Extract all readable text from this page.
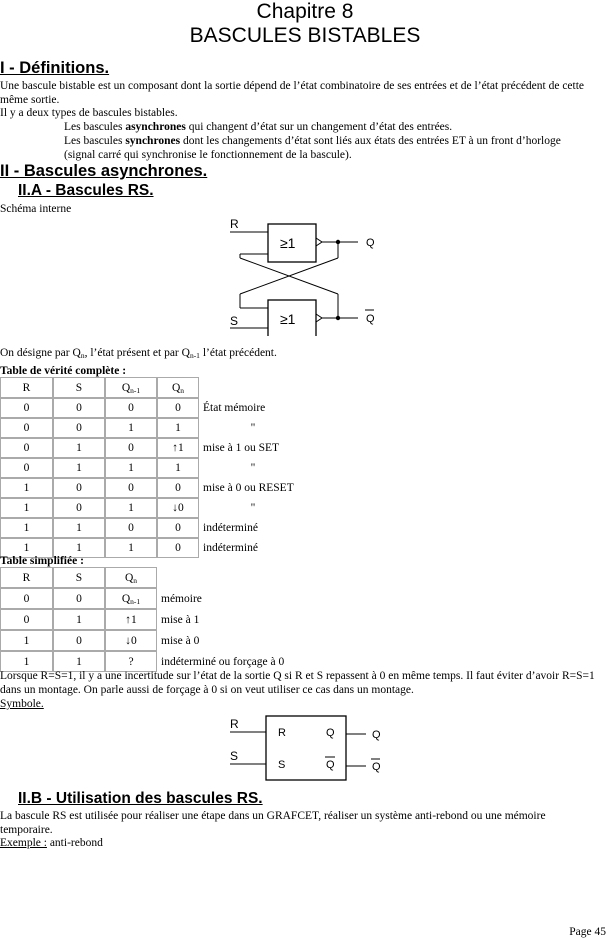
Chapitre 8
BASCULES BISTABLES
I - Définitions.
Une bascule bistable est un composant dont la sortie dépend de l’état combinatoire de ses entrées et de l’état précédent de cette même sortie.
Il y a deux types de bascules bistables.
Les bascules asynchrones qui changent d’état sur un changement d’état des entrées.
Les bascules synchrones dont les changements d’état sont liés aux états des entrées ET à un front d’horloge
(signal carré qui synchronise le fonctionnement de la bascule).
II - Bascules asynchrones.
II.A - Bascules RS.
Schéma interne
R
S
≥1
≥1
Q
Q
On désigne par $Q_n$, l’état présent et par $Q_{n-1}$ l’état précédent.
Table de vérité complète :
R	S	$Q_{n-1}$	$Q_n$	
0	0	0	0	État mémoire
0	0	1	1	"
0	1	0	↑1	mise à 1 ou SET
0	1	1	1	"
1	0	0	0	mise à 0 ou RESET
1	0	1	↓0	"
1	1	0	0	indéterminé
1	1	1	0	indéterminé
Table simplifiée :
R	S	$Q_n$	
0	0	$Q_{n-1}$	mémoire
0	1	↑1	mise à 1
1	0	↓0	mise à 0
1	1	?	indéterminé ou forçage à 0
Lorsque R=S=1, il y a une incertitude sur l’état de la sortie Q si R et S repassent à 0 en même temps. Il faut éviter d’avoir R=S=1 dans un montage. On parle aussi de forçage à 0 si on veut utiliser ce cas dans un montage.
Symbole.
R
S
R
S
Q
Q
Q
Q
II.B - Utilisation des bascules RS.
La bascule RS est utilisée pour réaliser une étape dans un GRAFCET, réaliser un système anti-rebond ou une mémoire temporaire.
Exemple : anti-rebond
Page 45
